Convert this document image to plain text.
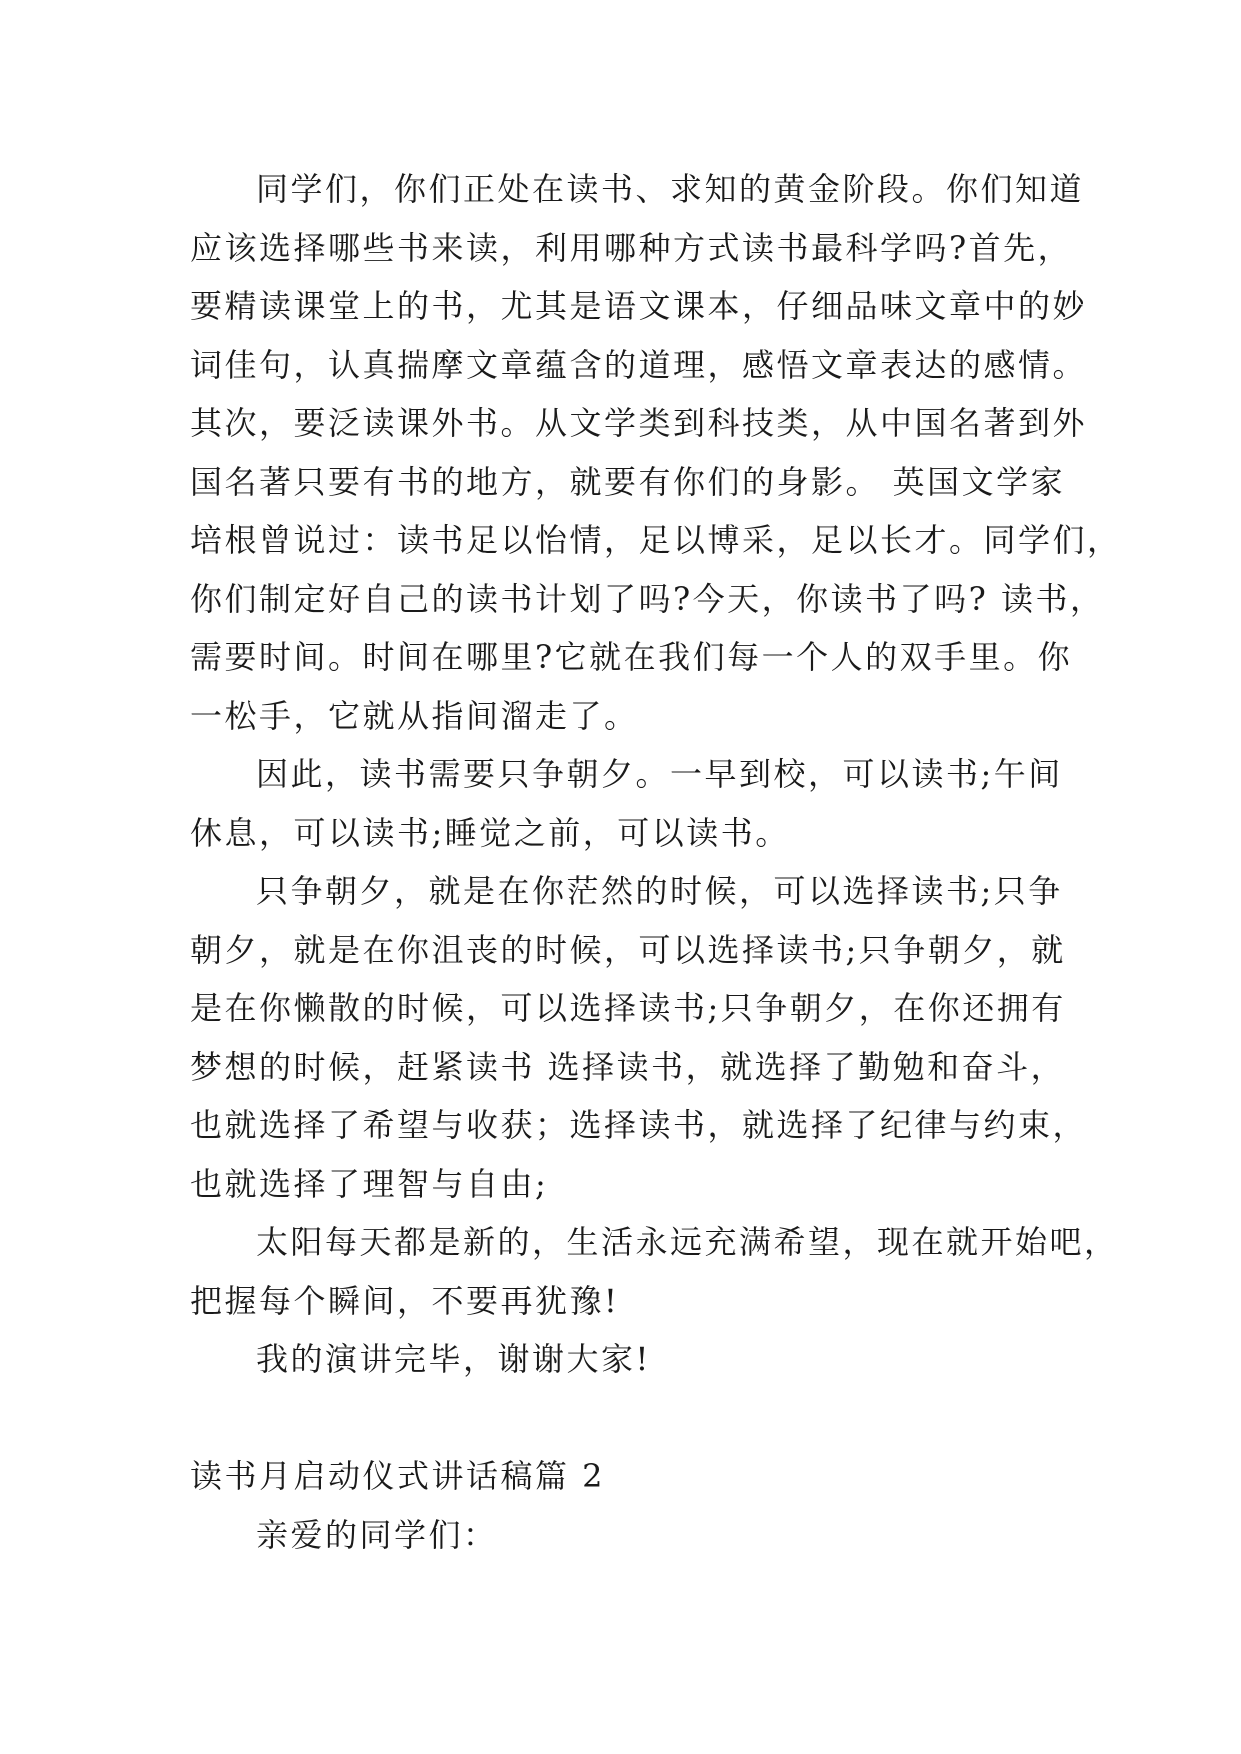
同学们，你们正处在读书、求知的黄金阶段。你们知道
应该选择哪些书来读，利用哪种方式读书最科学吗?首先，
要精读课堂上的书，尤其是语文课本，仔细品味文章中的妙
词佳句，认真揣摩文章蕴含的道理，感悟文章表达的感情。
其次，要泛读课外书。从文学类到科技类，从中国名著到外
国名著只要有书的地方，就要有你们的身影。 英国文学家
培根曾说过：读书足以怡情，足以博采，足以长才。同学们，
你们制定好自己的读书计划了吗?今天，你读书了吗? 读书，
需要时间。时间在哪里?它就在我们每一个人的双手里。你
一松手，它就从指间溜走了。
因此，读书需要只争朝夕。一早到校，可以读书;午间
休息，可以读书;睡觉之前，可以读书。
只争朝夕，就是在你茫然的时候，可以选择读书;只争
朝夕，就是在你沮丧的时候，可以选择读书;只争朝夕，就
是在你懒散的时候，可以选择读书;只争朝夕，在你还拥有
梦想的时候，赶紧读书 选择读书，就选择了勤勉和奋斗，
也就选择了希望与收获；选择读书，就选择了纪律与约束，
也就选择了理智与自由;
太阳每天都是新的，生活永远充满希望，现在就开始吧，
把握每个瞬间，不要再犹豫!
我的演讲完毕，谢谢大家!
读书月启动仪式讲话稿篇 2
亲爱的同学们：
